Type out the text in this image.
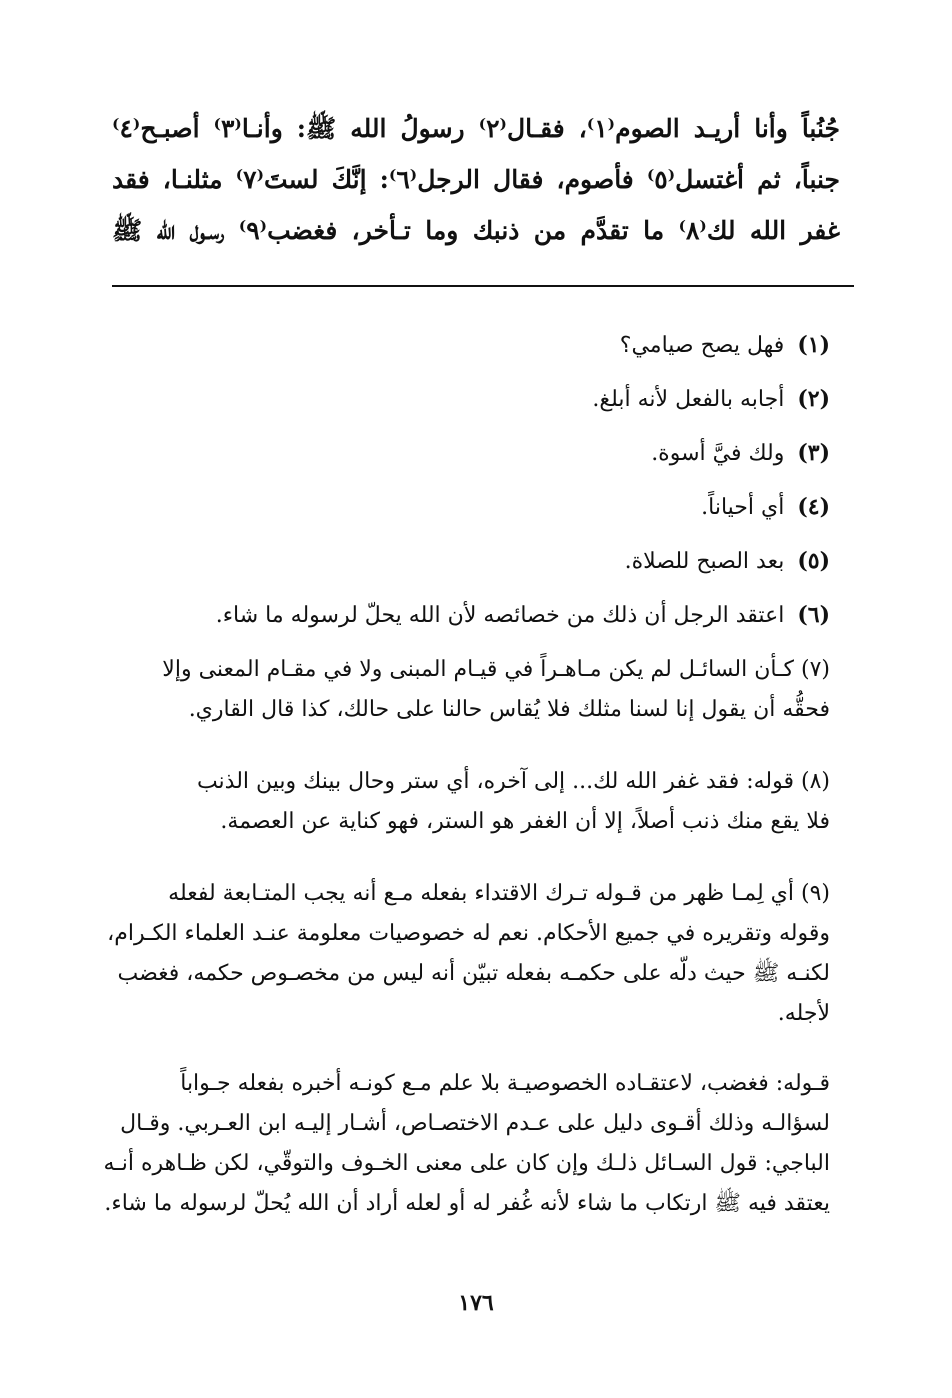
جُنُباً وأنا أريـد الصوم⁽١⁾، فقـال⁽٢⁾ رسولُ الله ﷺ: وأنـا⁽٣⁾ أصبـح⁽٤⁾
جنباً، ثم أغتسل⁽٥⁾ فأصوم، فقال الرجل⁽٦⁾: إنَّكَ لستَ⁽٧⁾ مثلنـا، فقد
غفر الله لك⁽٨⁾ ما تقدَّم من ذنبك وما تـأخر، فغضب⁽٩⁾ رسـول الله ﷺ
(١) فهل يصح صيامي؟
(٢) أجابه بالفعل لأنه أبلغ.
(٣) ولك فيَّ أسوة.
(٤) أي أحياناً.
(٥) بعد الصبح للصلاة.
(٦) اعتقد الرجل أن ذلك من خصائصه لأن الله يحلّ لرسوله ما شاء.
(٧) كـأن السائـل لم يكن مـاهـراً في قيـام المبنى ولا في مقـام المعنى وإلا
فحقُّه أن يقول إنا لسنا مثلك فلا يُقاس حالنا على حالك، كذا قال القاري.
(٨) قوله: فقد غفر الله لك... إلى آخره، أي ستر وحال بينك وبين الذنب
فلا يقع منك ذنب أصلاً، إلا أن الغفر هو الستر، فهو كناية عن العصمة.
(٩) أي لِمـا ظهر من قـوله تـرك الاقتداء بفعله مـع أنه يجب المتـابعة لفعله
وقوله وتقريره في جميع الأحكام. نعم له خصوصيات معلومة عنـد العلماء الكـرام،
لكنـه ﷺ حيث دلّه على حكمـه بفعله تبيّن أنه ليس من مخصـوص حكمه، فغضب
لأجله.
قـوله: فغضب، لاعتقـاده الخصوصيـة بلا علم مـع كونـه أخبره بفعله جـواباً
لسؤالـه وذلك أقـوى دليل على عـدم الاختصـاص، أشـار إليـه ابن العـربي. وقـال
الباجي: قول السـائل ذلـك وإن كان على معنى الخـوف والتوقّي، لكن ظـاهره أنـه
يعتقد فيه ﷺ ارتكاب ما شاء لأنه غُفر له أو لعله أراد أن الله يُحلّ لرسوله ما شاء.
١٧٦
